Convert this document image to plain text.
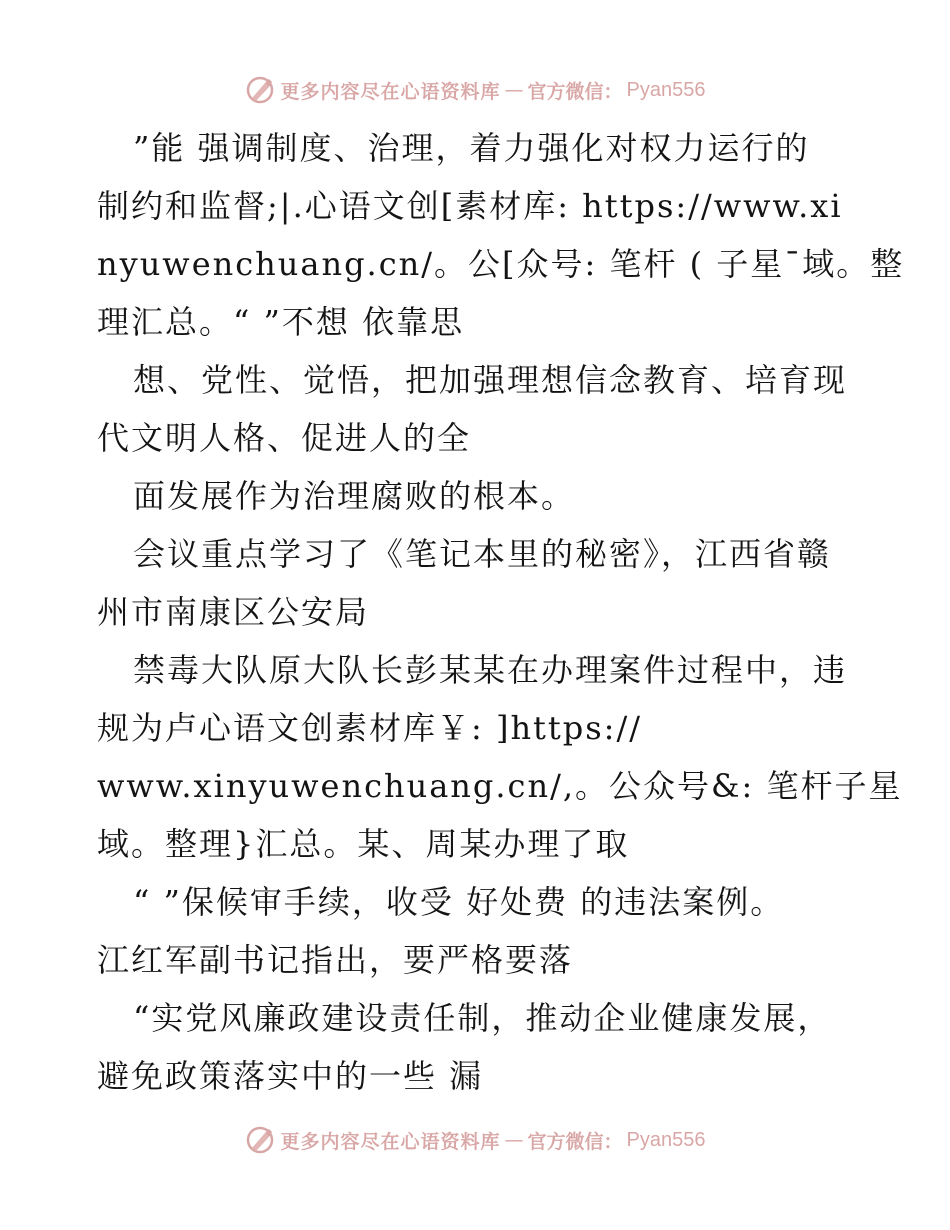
更多内容尽在心语资料库 — 官方微信： Pyan556
”能 强调制度、治理，着力强化对权力运行的
制约和监督;|.心语文创[素材库: https://www.xi
nyuwenchuang.cn/。公[众号: 笔杆 ( 子星¯域。整
理汇总。“ ”不想 依靠思
想、党性、觉悟，把加强理想信念教育、培育现
代文明人格、促进人的全
面发展作为治理腐败的根本。
会议重点学习了《笔记本里的秘密》，江西省赣
州市南康区公安局
禁毒大队原大队长彭某某在办理案件过程中，违
规为卢心语文创素材库￥: ]https://
www.xinyuwenchuang.cn/,。公众号&: 笔杆子星
域。整理}汇总。某、周某办理了取
“ ”保候审手续，收受 好处费 的违法案例。
江红军副书记指出，要严格要落
“实党风廉政建设责任制，推动企业健康发展，
避免政策落实中的一些 漏
更多内容尽在心语资料库 — 官方微信： Pyan556
